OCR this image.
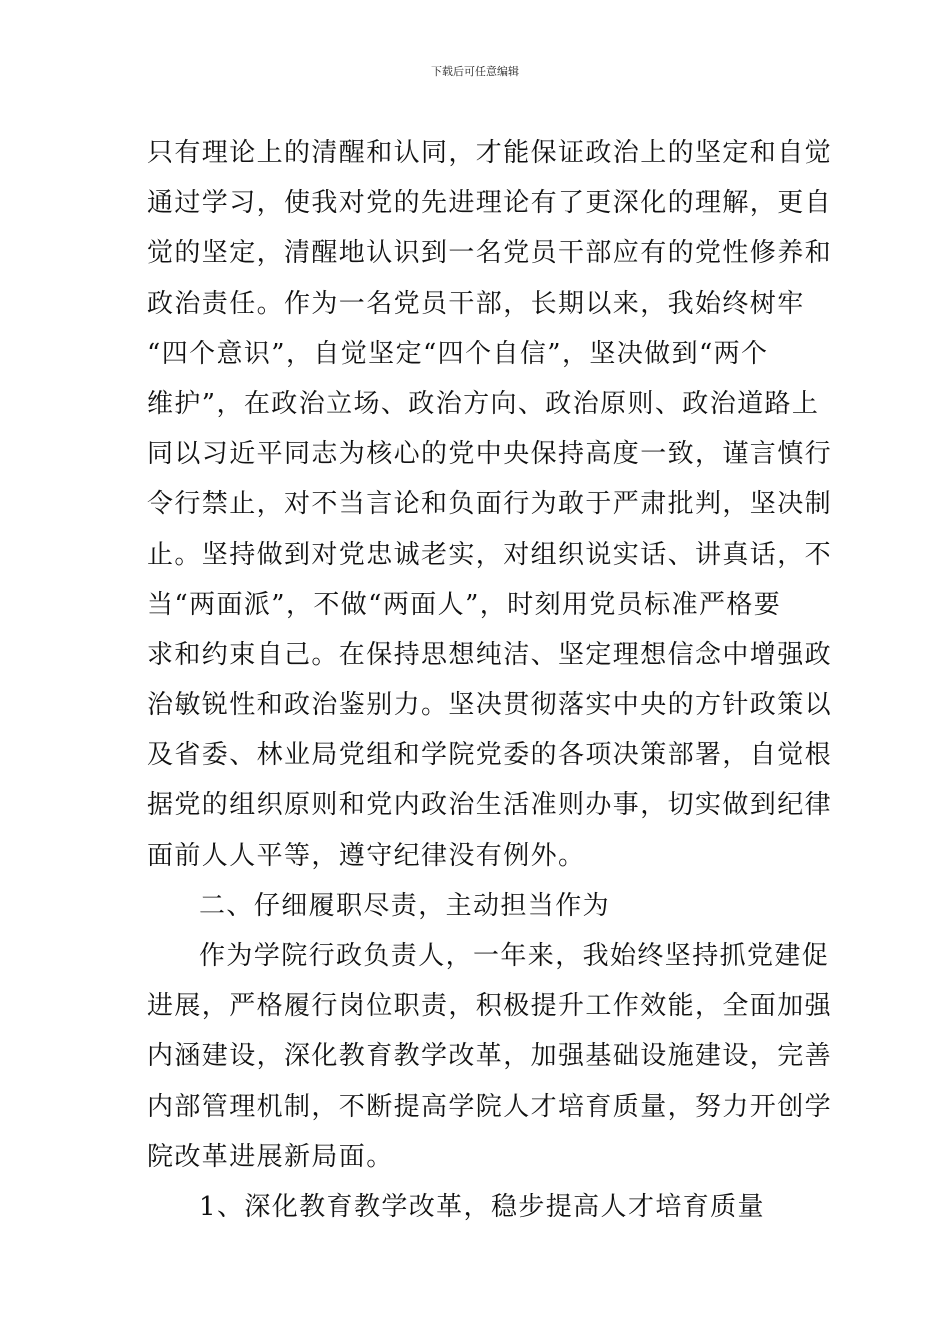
下载后可任意编辑
只有理论上的清醒和认同，才能保证政治上的坚定和自觉
通过学习，使我对党的先进理论有了更深化的理解，更自
觉的坚定，清醒地认识到一名党员干部应有的党性修养和
政治责任。作为一名党员干部，长期以来，我始终树牢
“四个意识”，自觉坚定“四个自信”，坚决做到“两个
维护”，在政治立场、政治方向、政治原则、政治道路上
同以习近平同志为核心的党中央保持高度一致，谨言慎行
令行禁止，对不当言论和负面行为敢于严肃批判，坚决制
止。坚持做到对党忠诚老实，对组织说实话、讲真话，不
当“两面派”，不做“两面人”，时刻用党员标准严格要
求和约束自己。在保持思想纯洁、坚定理想信念中增强政
治敏锐性和政治鉴别力。坚决贯彻落实中央的方针政策以
及省委、林业局党组和学院党委的各项决策部署，自觉根
据党的组织原则和党内政治生活准则办事，切实做到纪律
面前人人平等，遵守纪律没有例外。
二、仔细履职尽责，主动担当作为
作为学院行政负责人，一年来，我始终坚持抓党建促
进展，严格履行岗位职责，积极提升工作效能，全面加强
内涵建设，深化教育教学改革，加强基础设施建设，完善
内部管理机制，不断提高学院人才培育质量，努力开创学
院改革进展新局面。
1、深化教育教学改革，稳步提高人才培育质量
